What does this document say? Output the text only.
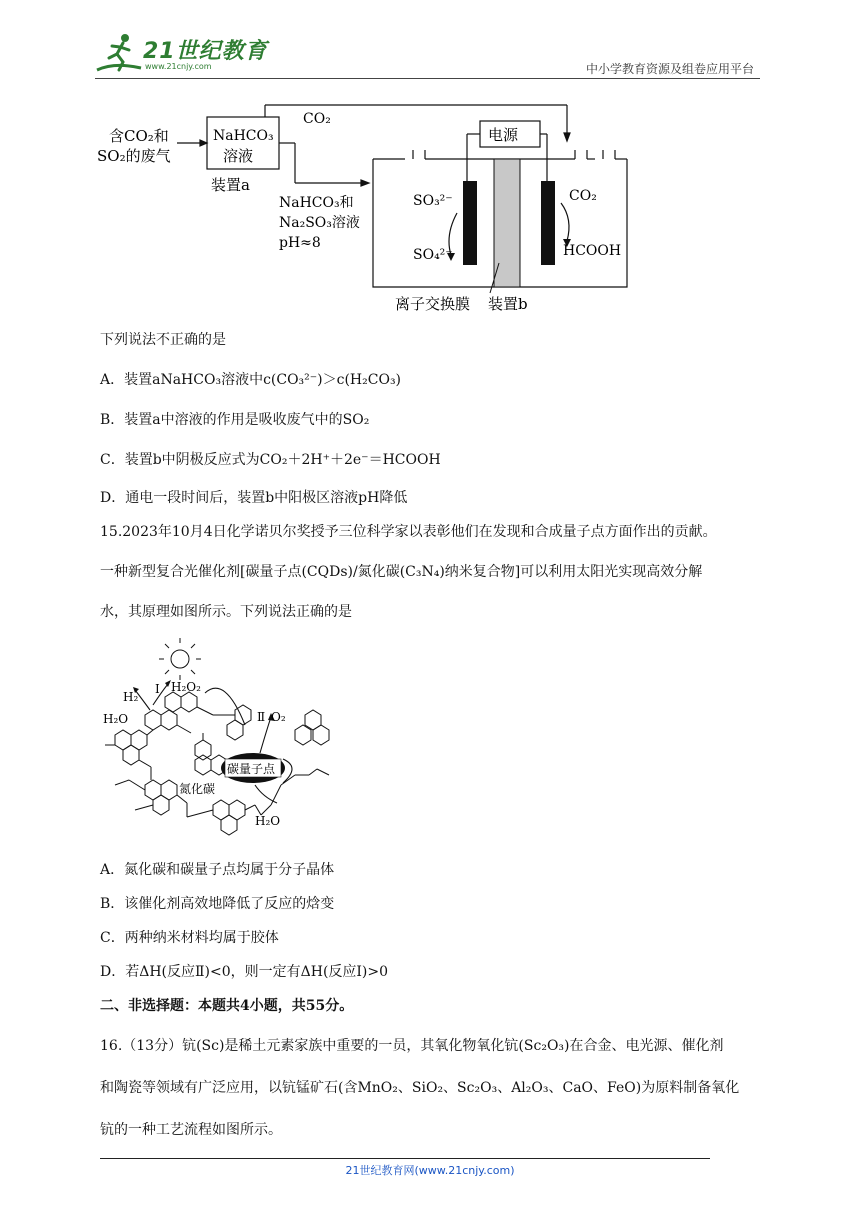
21世纪教育
www.21cnjy.com	中小学教育资源及组卷应用平台
含CO₂和
SO₂的废气
NaHCO₃
溶液
装置a
CO₂
电源
NaHCO₃和
Na₂SO₃溶液
pH≈8
SO₃²⁻
SO₄²⁻
CO₂
HCOOH
离子交换膜 装置b
下列说法不正确的是
A．装置aNaHCO₃溶液中c(CO₃²⁻)＞c(H₂CO₃)
B．装置a中溶液的作用是吸收废气中的SO₂
C．装置b中阴极反应式为CO₂＋2H⁺＋2e⁻＝HCOOH
D．通电一段时间后，装置b中阳极区溶液pH降低
15.2023年10月4日化学诺贝尔奖授予三位科学家以表彰他们在发现和合成量子点方面作出的贡献。
一种新型复合光催化剂[碳量子点(CQDs)/氮化碳(C₃N₄)纳米复合物]可以利用太阳光实现高效分解
水，其原理如图所示。下列说法正确的是
H₂
Ⅰ H₂O₂
H₂O	Ⅱ O₂
碳量子点
氮化碳
H₂O
A．氮化碳和碳量子点均属于分子晶体
B．该催化剂高效地降低了反应的焓变
C．两种纳米材料均属于胶体
D．若ΔH(反应Ⅱ)<0，则一定有ΔH(反应Ⅰ)>0
二、非选择题：本题共4小题，共55分。
16.（13分）钪(Sc)是稀土元素家族中重要的一员，其氧化物氧化钪(Sc₂O₃)在合金、电光源、催化剂
和陶瓷等领域有广泛应用，以钪锰矿石(含MnO₂、SiO₂、Sc₂O₃、Al₂O₃、CaO、FeO)为原料制备氧化
钪的一种工艺流程如图所示。
21世纪教育网(www.21cnjy.com)
